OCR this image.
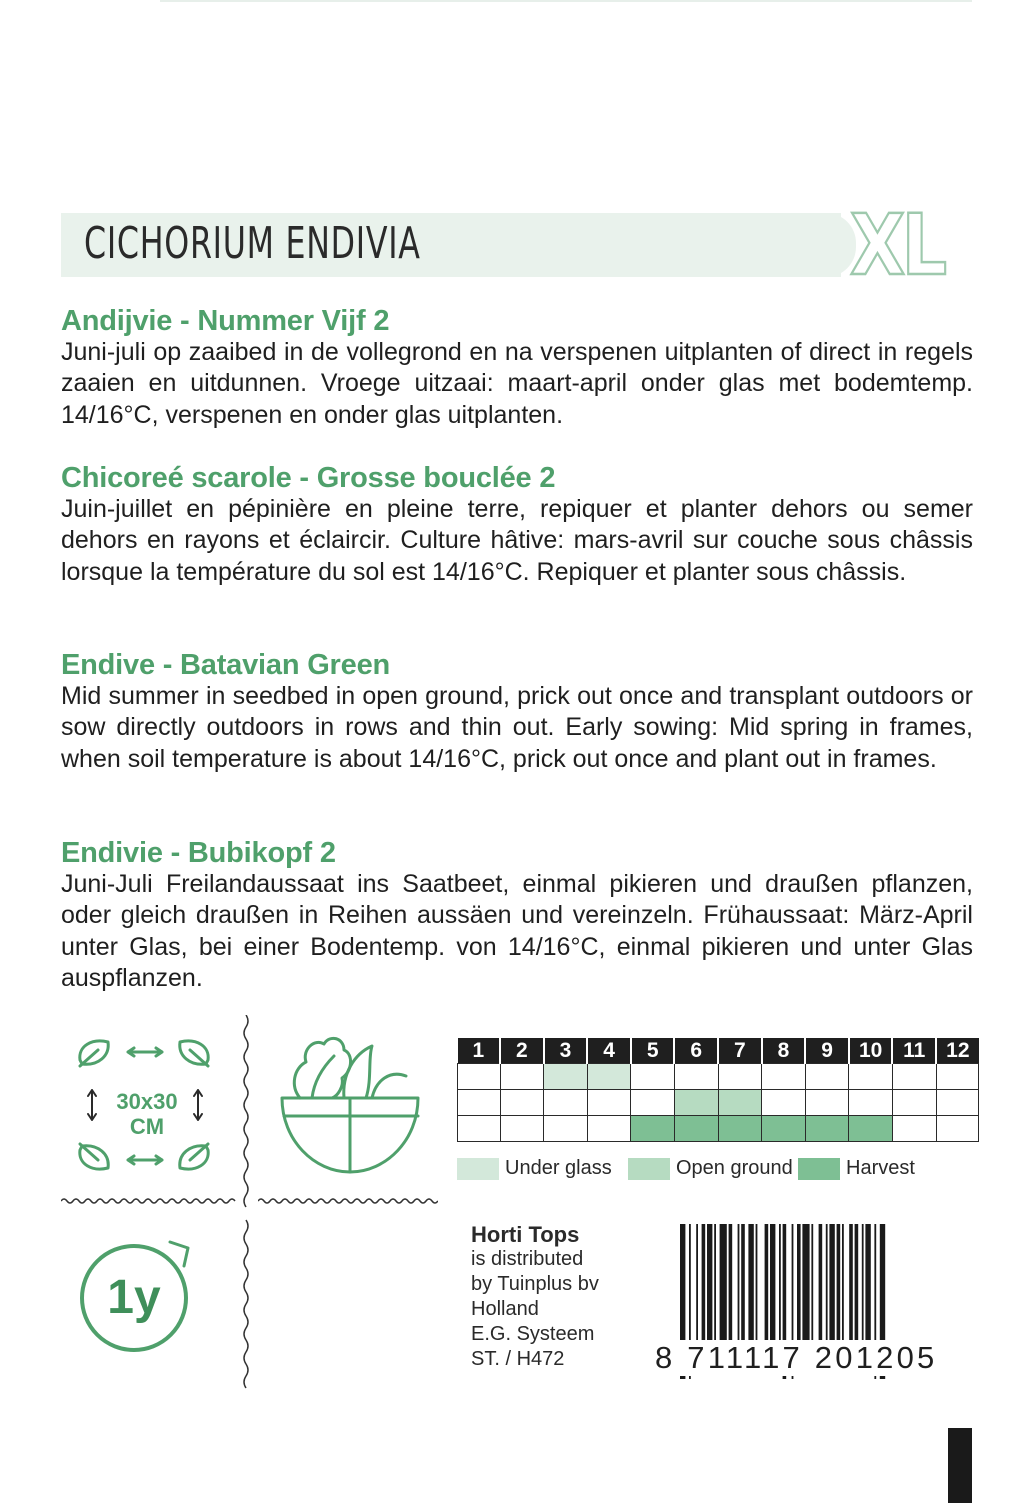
CICHORIUM ENDIVIA	XL
Andijvie - Nummer Vijf 2

Juni-juli op zaaibed in de vollegrond en na verspenen uitplanten of direct in regels zaaien en uitdunnen. Vroege uitzaai: maart-april onder glas met bodemtemp. 14/16°C, verspenen en onder glas uitplanten.

Chicoreé scarole - Grosse bouclée 2

Juin-juillet en pépinière en pleine terre, repiquer et planter dehors ou semer dehors en rayons et éclaircir. Culture hâtive: mars-avril sur couche sous châssis lorsque la température du sol est 14/16°C. Repiquer et planter sous châssis.

Endive - Batavian Green

Mid summer in seedbed in open ground, prick out once and transplant outdoors or sow directly outdoors in rows and thin out. Early sowing: Mid spring in frames, when soil temperature is about 14/16°C, prick out once and plant out in frames.

Endivie - Bubikopf 2

Juni-Juli Freilandaussaat ins Saatbeet, einmal pikieren und draußen pflanzen, oder gleich draußen in Reihen aussäen und vereinzeln. Frühaussaat: März-April unter Glas, bei einer Bodentemp. von 14/16°C, einmal pikieren und unter Glas auspflanzen.

30x30
CM
1y
1	2	3	4	5	6	7	8	9	10	11	12

Under glass	Open ground	Harvest
Horti Tops
is distributed
by Tuinplus bv
Holland
E.G. Systeem
ST. / H472	8 711117 201205
